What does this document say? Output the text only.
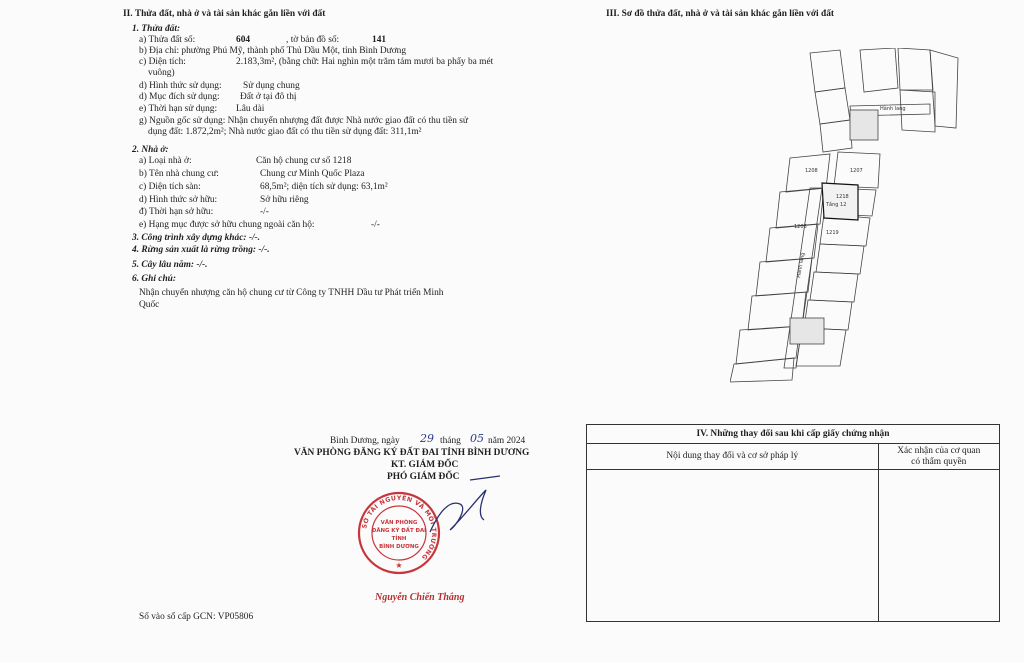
II. Thửa đất, nhà ở và tài sản khác gắn liền với đất
1. Thửa đất:
a) Thửa đất số:	604	, tờ bản đồ số:	141
b) Địa chỉ: phường Phú Mỹ, thành phố Thủ Dầu Một, tỉnh Bình Dương
c) Diện tích:	2.183,3m², (bằng chữ: Hai nghìn một trăm tám mươi ba phẩy ba mét
vuông)
d) Hình thức sử dụng: Sử dụng chung
d) Mục đích sử dụng: Đất ở tại đô thị
e) Thời hạn sử dụng: Lâu dài
g) Nguồn gốc sử dụng: Nhận chuyển nhượng đất được Nhà nước giao đất có thu tiền sử
dụng đất: 1.872,2m²; Nhà nước giao đất có thu tiền sử dụng đất: 311,1m²
2. Nhà ở:
a) Loại nhà ở:	Căn hộ chung cư số 1218
b) Tên nhà chung cư:	Chung cư Minh Quốc Plaza
c) Diện tích sàn:	68,5m²; diện tích sử dụng: 63,1m²
d) Hình thức sở hữu:	Sở hữu riêng
đ) Thời hạn sở hữu:	-/-
e) Hạng mục được sở hữu chung ngoài căn hộ:	-/-
3. Công trình xây dựng khác: -/-.
4. Rừng sản xuất là rừng trồng: -/-.
5. Cây lâu năm: -/-.
6. Ghi chú:
Nhận chuyển nhượng căn hộ chung cư từ Công ty TNHH Dầu tư Phát triển Minh
Quốc
III. Sơ đồ thửa đất, nhà ở và tài sản khác gắn liền với đất
1208	1207
1206
1219
1218
Tầng 12
Hành lang
Hành lang
Bình Dương, ngày 29 tháng 05 năm 2024
VĂN PHÒNG ĐĂNG KÝ ĐẤT ĐAI TỈNH BÌNH DƯƠNG
KT. GIÁM ĐỐC
PHÓ GIÁM ĐỐC
SỞ TÀI NGUYÊN VÀ MÔI TRƯỜNG
VĂN PHÒNG
ĐĂNG KÝ ĐẤT ĐAI
TỈNH
BÌNH DƯƠNG
★
Nguyễn Chiến Thắng
IV. Những thay đổi sau khi cấp giấy chứng nhận	
Nội dung thay đổi và cơ sở pháp lý	Xác nhận của cơ quan
có thẩm quyền

Số vào sổ cấp GCN: VP05806
